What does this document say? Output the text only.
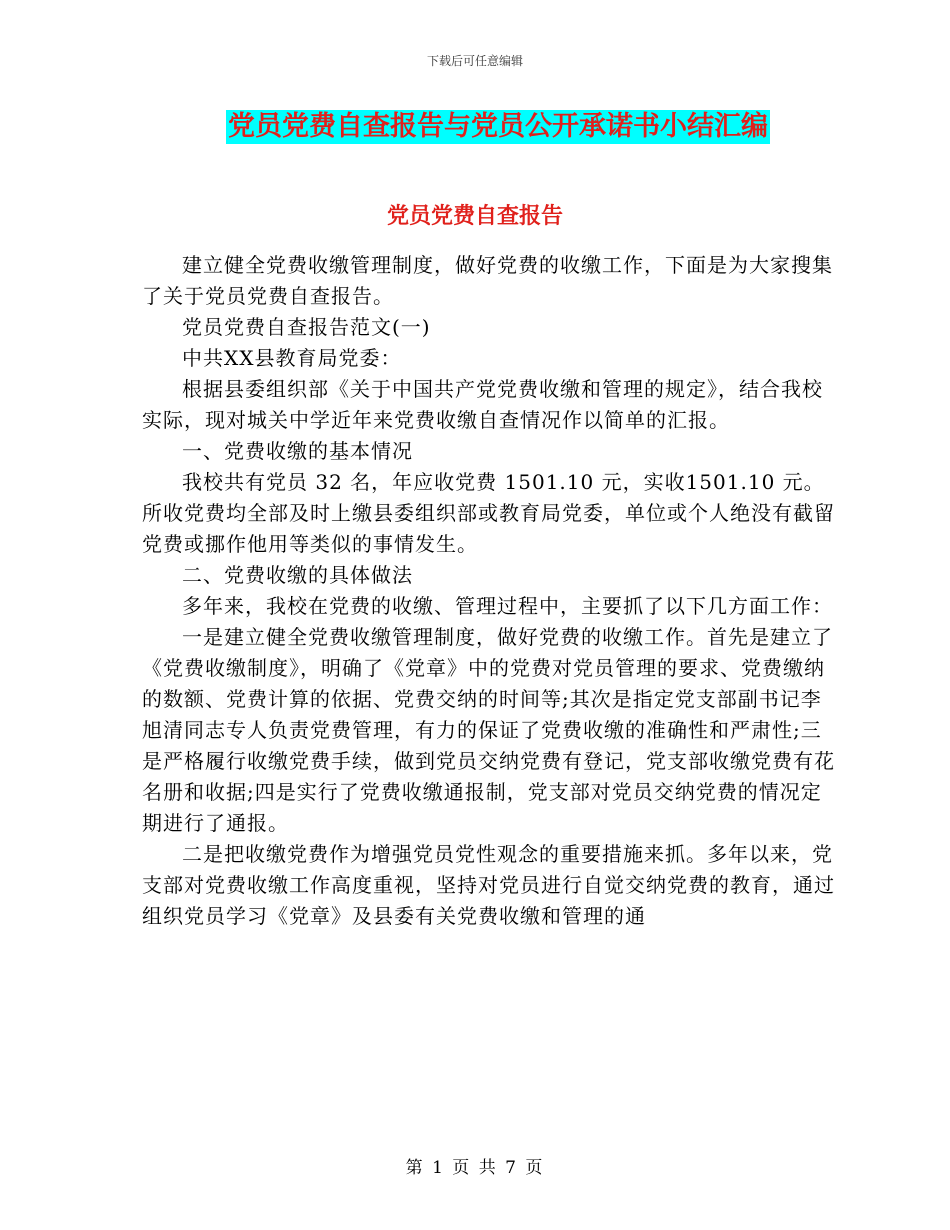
下载后可任意编辑
党员党费自查报告与党员公开承诺书小结汇编
党员党费自查报告

建立健全党费收缴管理制度，做好党费的收缴工作，下面是为大家搜集了关于党员党费自查报告。

党员党费自查报告范文(一)

中共XX县教育局党委：

根据县委组织部《关于中国共产党党费收缴和管理的规定》，结合我校实际，现对城关中学近年来党费收缴自查情况作以简单的汇报。

一、党费收缴的基本情况

我校共有党员 32 名，年应收党费 1501.10 元，实收1501.10 元。所收党费均全部及时上缴县委组织部或教育局党委，单位或个人绝没有截留党费或挪作他用等类似的事情发生。

二、党费收缴的具体做法

多年来，我校在党费的收缴、管理过程中，主要抓了以下几方面工作：

一是建立健全党费收缴管理制度，做好党费的收缴工作。首先是建立了《党费收缴制度》，明确了《党章》中的党费对党员管理的要求、党费缴纳的数额、党费计算的依据、党费交纳的时间等;其次是指定党支部副书记李旭清同志专人负责党费管理，有力的保证了党费收缴的准确性和严肃性;三是严格履行收缴党费手续，做到党员交纳党费有登记，党支部收缴党费有花名册和收据;四是实行了党费收缴通报制，党支部对党员交纳党费的情况定期进行了通报。

二是把收缴党费作为增强党员党性观念的重要措施来抓。多年以来，党支部对党费收缴工作高度重视，坚持对党员进行自觉交纳党费的教育，通过组织党员学习《党章》及县委有关党费收缴和管理的通

第 1 页 共 7 页
